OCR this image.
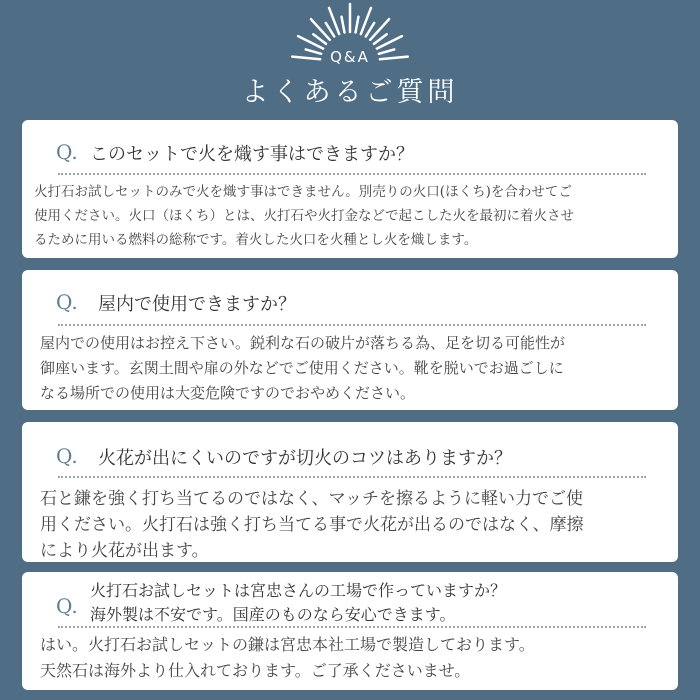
Q&A
よくあるご質問
Q. このセットで火を熾す事はできますか？
火打石お試しセットのみで火を熾す事はできません。別売りの火口(ほくち)を合わせてご
使用ください。火口（ほくち）とは、火打石や火打金などで起こした火を最初に着火させ
るために用いる燃料の総称です。着火した火口を火種とし火を熾します。
Q. 屋内で使用できますか？
屋内での使用はお控え下さい。鋭利な石の破片が落ちる為、足を切る可能性が
御座います。玄関土間や扉の外などでご使用ください。靴を脱いでお過ごしに
なる場所での使用は大変危険ですのでおやめください。
Q. 火花が出にくいのですが切火のコツはありますか？
石と鎌を強く打ち当てるのではなく、マッチを擦るように軽い力でご使
用ください。火打石は強く打ち当てる事で火花が出るのではなく、摩擦
により火花が出ます。
Q.
火打石お試しセットは宮忠さんの工場で作っていますか？
海外製は不安です。国産のものなら安心できます。
はい。火打石お試しセットの鎌は宮忠本社工場で製造しております。
天然石は海外より仕入れております。ご了承くださいませ。
